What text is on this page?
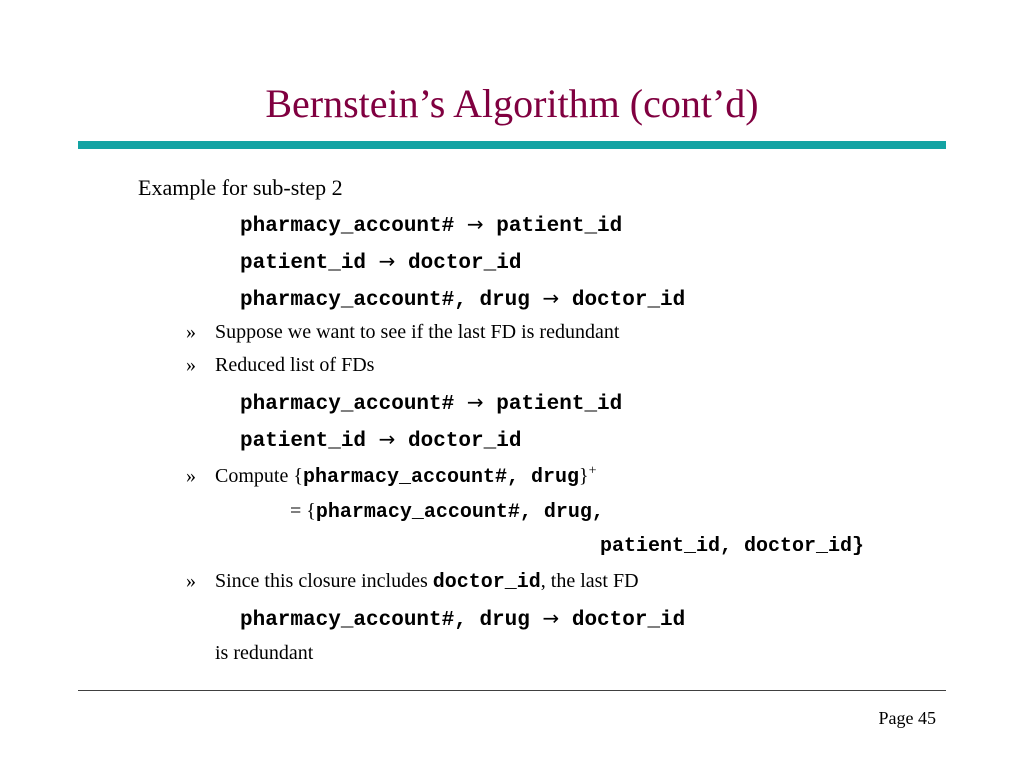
Bernstein’s Algorithm (cont’d)
Example for sub-step 2
pharmacy_account# → patient_id
patient_id → doctor_id
pharmacy_account#, drug → doctor_id
» Suppose we want to see if the last FD is redundant
» Reduced list of FDs
pharmacy_account# → patient_id
patient_id → doctor_id
» Compute {pharmacy_account#, drug}+
= {pharmacy_account#, drug,
patient_id, doctor_id}
» Since this closure includes doctor_id, the last FD
pharmacy_account#, drug → doctor_id
is redundant
Page 45
